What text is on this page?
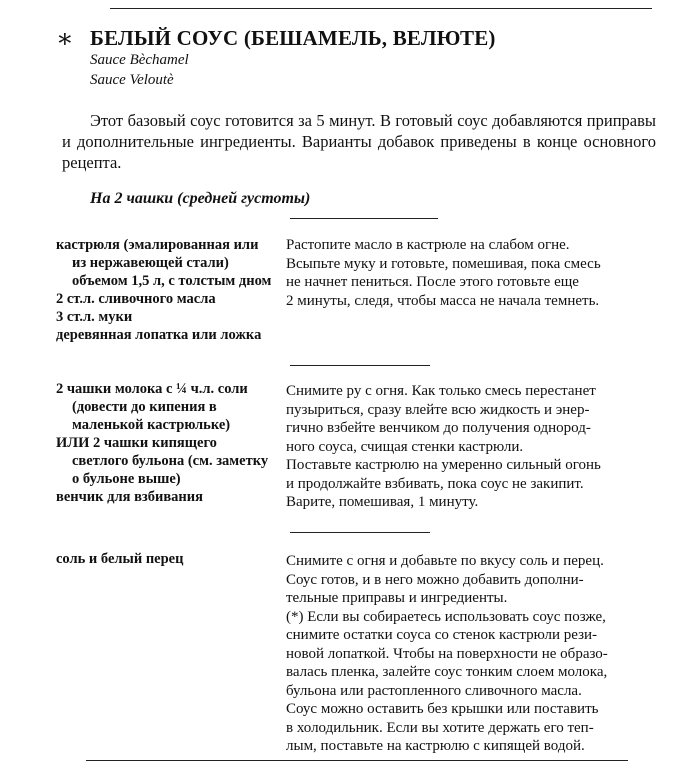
∗ БЕЛЫЙ СОУС (БЕШАМЕЛЬ, ВЕЛЮТЕ)
Sauce Bèchamel
Sauce Veloutè
Этот базовый соус готовится за 5 минут. В готовый соус добавляются приправы и дополнительные ингредиенты. Варианты добавок приведены в конце основного рецепта.
На 2 чашки (средней густоты)
кастрюля (эмалированная или из нержавеющей стали) объемом 1,5 л, с толстым дном
2 ст.л. сливочного масла
3 ст.л. муки
деревянная лопатка или ложка
Растопите масло в кастрюле на слабом огне.
Всыпьте муку и готовьте, помешивая, пока смесь
не начнет пениться. После этого готовьте еще
2 минуты, следя, чтобы масса не начала темнеть.
2 чашки молока с ¼ ч.л. соли (довести до кипения в маленькой кастрюльке)
ИЛИ 2 чашки кипящего светлого бульона (см. заметку о бульоне выше)
венчик для взбивания
Снимите ру с огня. Как только смесь перестанет
пузыриться, сразу влейте всю жидкость и энер-
гично взбейте венчиком до получения однород-
ного соуса, счищая стенки кастрюли.
Поставьте кастрюлю на умеренно сильный огонь
и продолжайте взбивать, пока соус не закипит.
Варите, помешивая, 1 минуту.
соль и белый перец	Снимите с огня и добавьте по вкусу соль и перец.
Соус готов, и в него можно добавить дополни-
тельные приправы и ингредиенты.
(*) Если вы собираетесь использовать соус позже,
снимите остатки соуса со стенок кастрюли рези-
новой лопаткой. Чтобы на поверхности не образо-
валась пленка, залейте соус тонким слоем молока,
бульона или растопленного сливочного масла.
Соус можно оставить без крышки или поставить
в холодильник. Если вы хотите держать его теп-
лым, поставьте на кастрюлю с кипящей водой.
